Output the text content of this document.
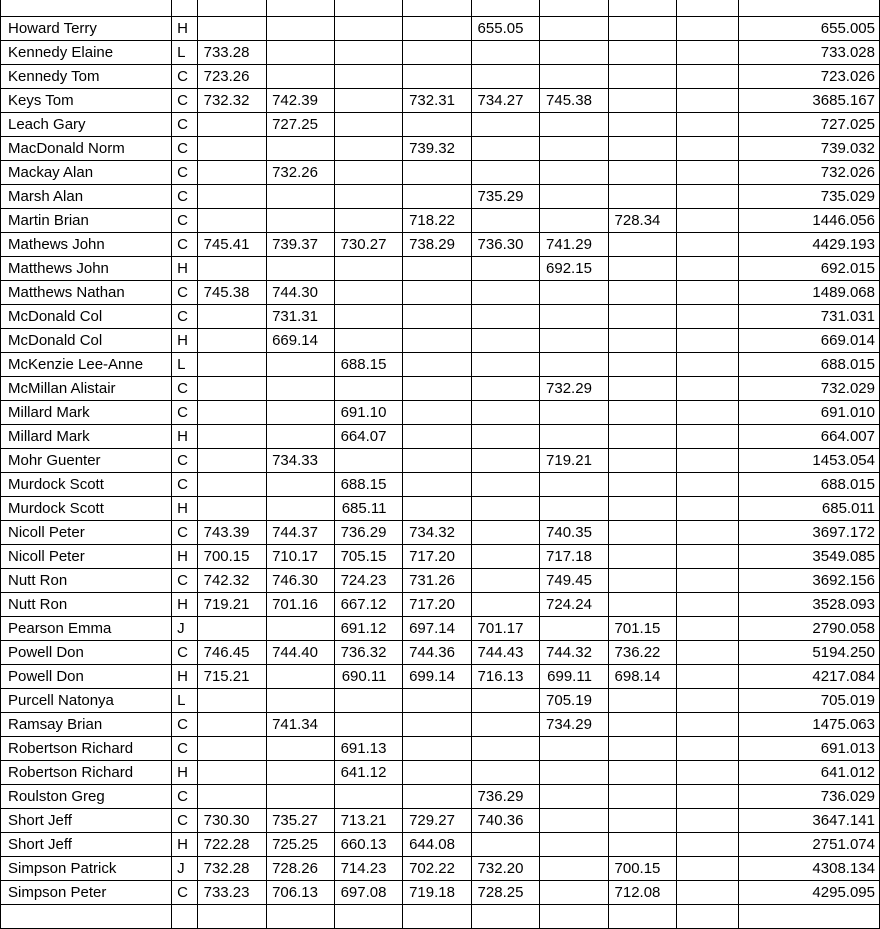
Howard Terry	H					655.05				655.005
Kennedy Elaine	L	733.28								733.028
Kennedy Tom	C	723.26								723.026
Keys Tom	C	732.32	742.39		732.31	734.27	745.38			3685.167
Leach Gary	C		727.25							727.025
MacDonald Norm	C				739.32					739.032
Mackay Alan	C		732.26							732.026
Marsh Alan	C					735.29				735.029
Martin Brian	C				718.22			728.34		1446.056
Mathews John	C	745.41	739.37	730.27	738.29	736.30	741.29			4429.193
Matthews John	H						692.15			692.015
Matthews Nathan	C	745.38	744.30							1489.068
McDonald Col	C		731.31							731.031
McDonald Col	H		669.14							669.014
McKenzie Lee-Anne	L			688.15						688.015
McMillan Alistair	C						732.29			732.029
Millard Mark	C			691.10						691.010
Millard Mark	H			664.07						664.007
Mohr Guenter	C		734.33				719.21			1453.054
Murdock Scott	C			688.15						688.015
Murdock Scott	H			685.11						685.011
Nicoll Peter	C	743.39	744.37	736.29	734.32		740.35			3697.172
Nicoll Peter	H	700.15	710.17	705.15	717.20		717.18			3549.085
Nutt Ron	C	742.32	746.30	724.23	731.26		749.45			3692.156
Nutt Ron	H	719.21	701.16	667.12	717.20		724.24			3528.093
Pearson Emma	J			691.12	697.14	701.17		701.15		2790.058
Powell Don	C	746.45	744.40	736.32	744.36	744.43	744.32	736.22		5194.250
Powell Don	H	715.21		690.11	699.14	716.13	699.11	698.14		4217.084
Purcell Natonya	L						705.19			705.019
Ramsay Brian	C		741.34				734.29			1475.063
Robertson Richard	C			691.13						691.013
Robertson Richard	H			641.12						641.012
Roulston Greg	C					736.29				736.029
Short Jeff	C	730.30	735.27	713.21	729.27	740.36				3647.141
Short Jeff	H	722.28	725.25	660.13	644.08					2751.074
Simpson Patrick	J	732.28	728.26	714.23	702.22	732.20		700.15		4308.134
Simpson Peter	C	733.23	706.13	697.08	719.18	728.25		712.08		4295.095
